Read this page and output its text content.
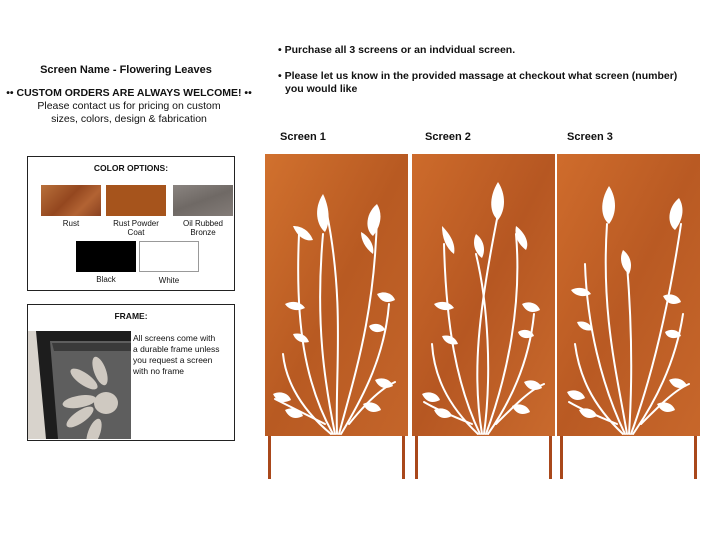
Screen Name - Flowering Leaves
•• CUSTOM ORDERS ARE ALWAYS WELCOME! ••
Please contact us for pricing on custom
sizes, colors, design & fabrication
• Purchase all 3 screens or an indvidual screen.
• Please let us know in the provided massage at checkout what screen (number)
you would like
COLOR OPTIONS:
Rust	Rust Powder
Coat
Oil Rubbed
Bronze
Black	White
FRAME:
All screens come with
a durable frame unless
you request a screen
with no frame
Screen 1	Screen 2	Screen 3
